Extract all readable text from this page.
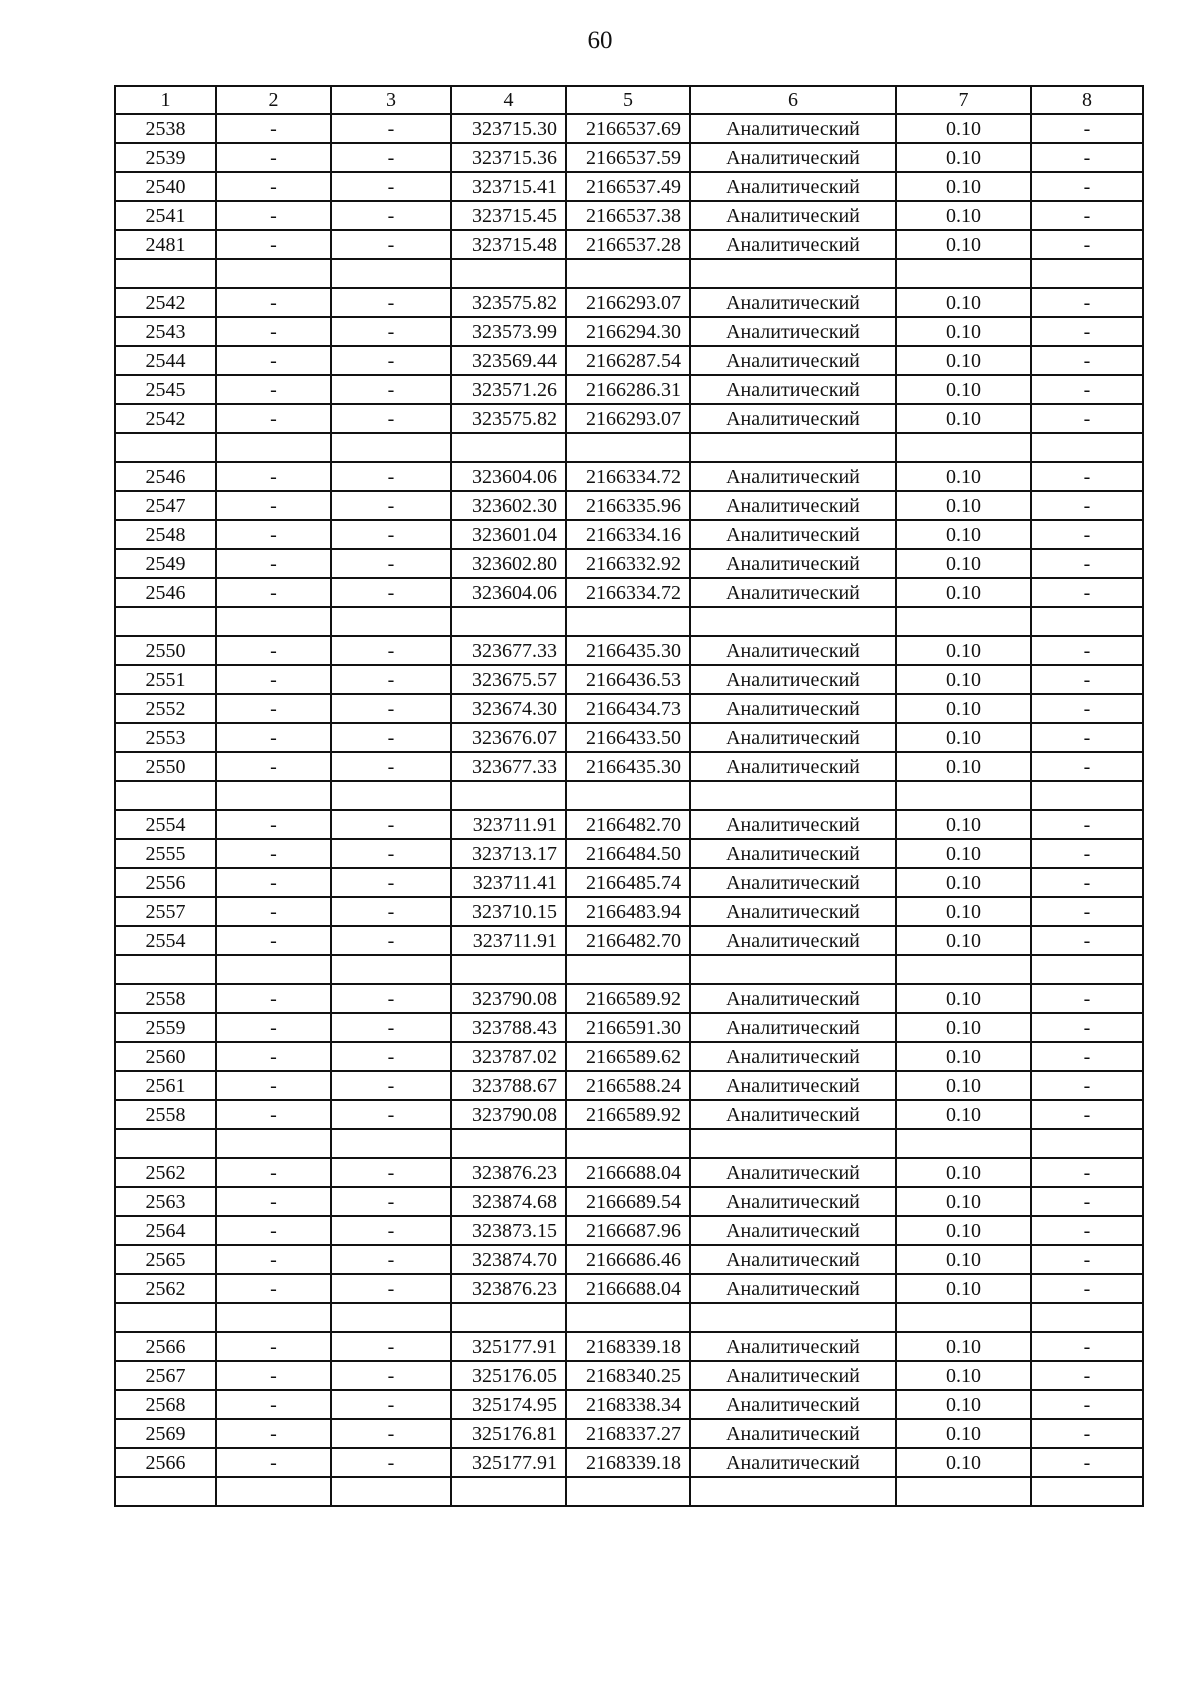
60
1	2	3	4	5	6	7	8
2538	-	-	323715.30	2166537.69	Аналитический	0.10	-
2539	-	-	323715.36	2166537.59	Аналитический	0.10	-
2540	-	-	323715.41	2166537.49	Аналитический	0.10	-
2541	-	-	323715.45	2166537.38	Аналитический	0.10	-
2481	-	-	323715.48	2166537.28	Аналитический	0.10	-

2542	-	-	323575.82	2166293.07	Аналитический	0.10	-
2543	-	-	323573.99	2166294.30	Аналитический	0.10	-
2544	-	-	323569.44	2166287.54	Аналитический	0.10	-
2545	-	-	323571.26	2166286.31	Аналитический	0.10	-
2542	-	-	323575.82	2166293.07	Аналитический	0.10	-

2546	-	-	323604.06	2166334.72	Аналитический	0.10	-
2547	-	-	323602.30	2166335.96	Аналитический	0.10	-
2548	-	-	323601.04	2166334.16	Аналитический	0.10	-
2549	-	-	323602.80	2166332.92	Аналитический	0.10	-
2546	-	-	323604.06	2166334.72	Аналитический	0.10	-

2550	-	-	323677.33	2166435.30	Аналитический	0.10	-
2551	-	-	323675.57	2166436.53	Аналитический	0.10	-
2552	-	-	323674.30	2166434.73	Аналитический	0.10	-
2553	-	-	323676.07	2166433.50	Аналитический	0.10	-
2550	-	-	323677.33	2166435.30	Аналитический	0.10	-

2554	-	-	323711.91	2166482.70	Аналитический	0.10	-
2555	-	-	323713.17	2166484.50	Аналитический	0.10	-
2556	-	-	323711.41	2166485.74	Аналитический	0.10	-
2557	-	-	323710.15	2166483.94	Аналитический	0.10	-
2554	-	-	323711.91	2166482.70	Аналитический	0.10	-

2558	-	-	323790.08	2166589.92	Аналитический	0.10	-
2559	-	-	323788.43	2166591.30	Аналитический	0.10	-
2560	-	-	323787.02	2166589.62	Аналитический	0.10	-
2561	-	-	323788.67	2166588.24	Аналитический	0.10	-
2558	-	-	323790.08	2166589.92	Аналитический	0.10	-

2562	-	-	323876.23	2166688.04	Аналитический	0.10	-
2563	-	-	323874.68	2166689.54	Аналитический	0.10	-
2564	-	-	323873.15	2166687.96	Аналитический	0.10	-
2565	-	-	323874.70	2166686.46	Аналитический	0.10	-
2562	-	-	323876.23	2166688.04	Аналитический	0.10	-

2566	-	-	325177.91	2168339.18	Аналитический	0.10	-
2567	-	-	325176.05	2168340.25	Аналитический	0.10	-
2568	-	-	325174.95	2168338.34	Аналитический	0.10	-
2569	-	-	325176.81	2168337.27	Аналитический	0.10	-
2566	-	-	325177.91	2168339.18	Аналитический	0.10	-
